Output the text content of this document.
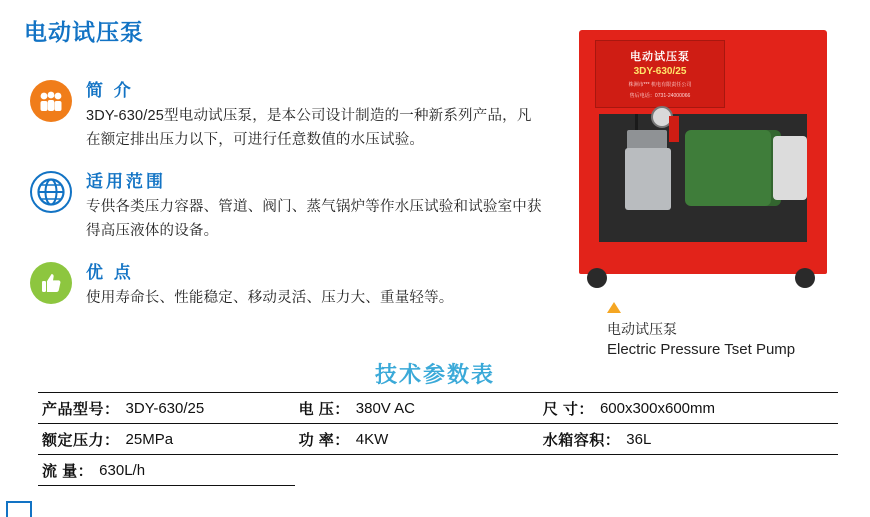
电动试压泵
简 介
3DY-630/25型电动试压泵，是本公司设计制造的一种新系列产品，凡在额定排出压力以下，可进行任意数值的水压试验。
适用范围
专供各类压力容器、管道、阀门、蒸气锅炉等作水压试验和试验室中获得高压液体的设备。
优 点
使用寿命长、性能稳定、移动灵活、压力大、重量轻等。
电动试压泵
3DY-630/25
株洲市*** 机电有限责任公司
售后电话：0731-24000066
电动试压泵
Electric Pressure Tset Pump
技术参数表
产品型号： 3DY-630/25	电 压： 380V AC	尺 寸： 600x300x600mm

额定压力： 25MPa	功 率： 4KW	水箱容积： 36L

流 量： 630L/h		
